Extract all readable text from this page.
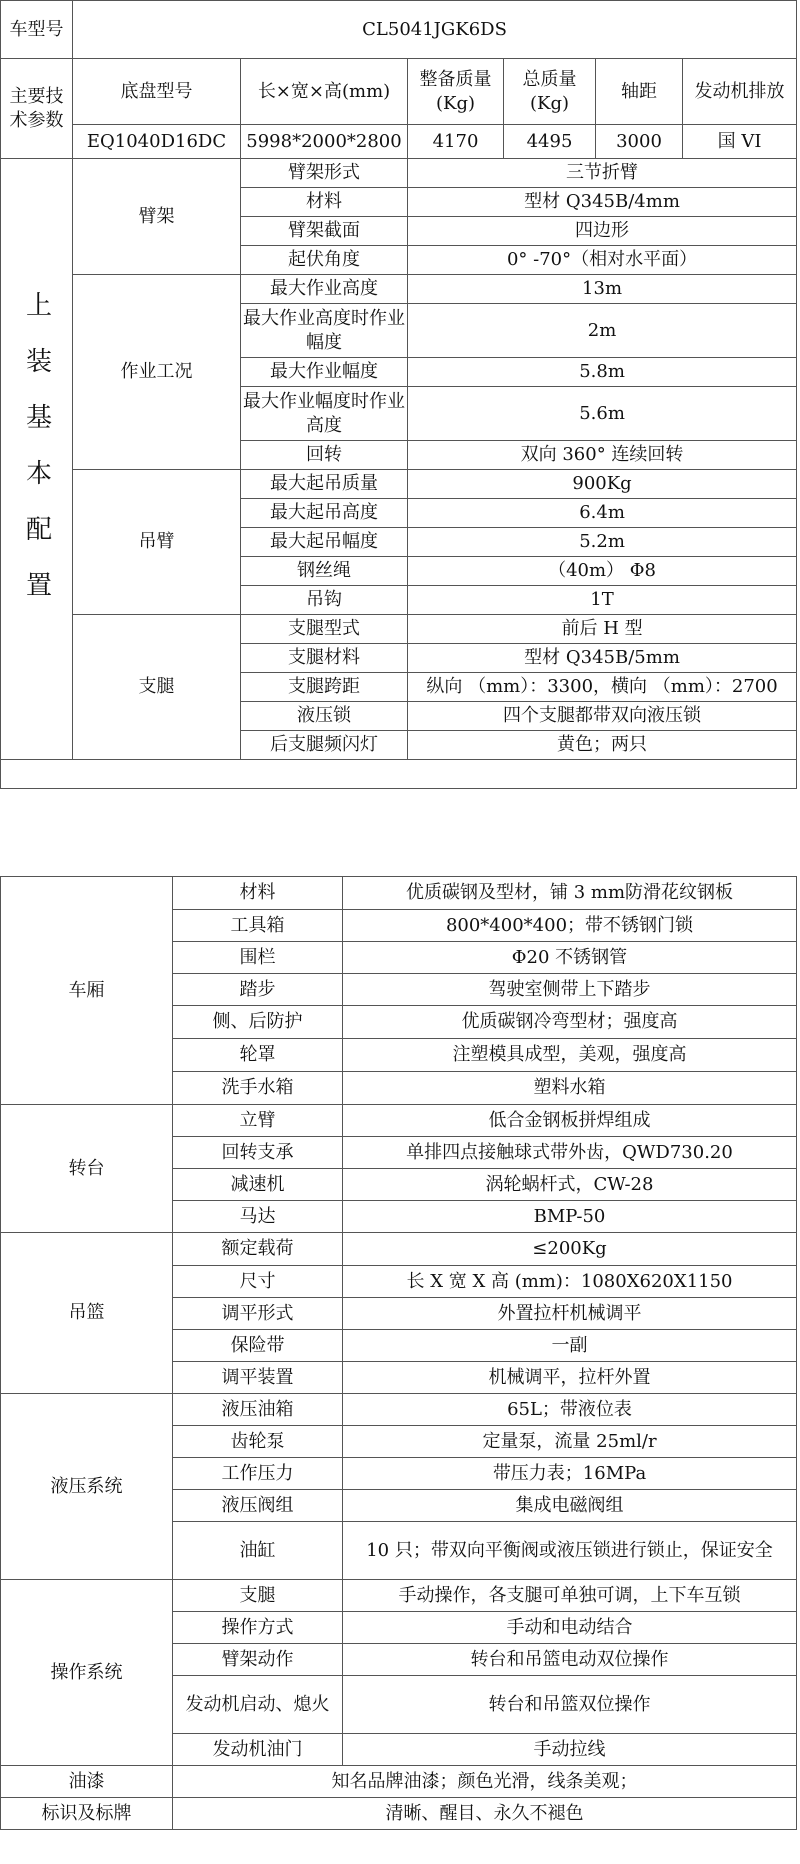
车型号	CL5041JGK6DS					
主要技术参数	底盘型号	长×宽×高(mm)	整备质量 (Kg)	总质量 (Kg)	轴距	发动机排放
	EQ1040D16DC	5998*2000*2800	4170	4495	3000	国 VI
上装基本配置	臂架	臂架形式	三节折臂			
		材料	型材 Q345B/4mm			
		臂架截面	四边形			
		起伏角度	0° -70°（相对水平面）			
	作业工况	最大作业高度	13m			
		最大作业高度时作业幅度	2m			
		最大作业幅度	5.8m			
		最大作业幅度时作业高度	5.6m			
		回转	双向 360° 连续回转			
	吊臂	最大起吊质量	900Kg			
		最大起吊高度	6.4m			
		最大起吊幅度	5.2m			
		钢丝绳	（40m） Φ8			
		吊钩	1T			
	支腿	支腿型式	前后 H 型			
		支腿材料	型材 Q345B/5mm			
		支腿跨距	纵向 （mm）：3300，横向 （mm）：2700			
		液压锁	四个支腿都带双向液压锁			
		后支腿频闪灯	黄色；两只			

车厢	材料	优质碳钢及型材，铺 3 mm防滑花纹钢板
	工具箱	800*400*400；带不锈钢门锁
	围栏	Φ20 不锈钢管
	踏步	驾驶室侧带上下踏步
	侧、后防护	优质碳钢冷弯型材；强度高
	轮罩	注塑模具成型，美观，强度高
	洗手水箱	塑料水箱
转台	立臂	低合金钢板拼焊组成
	回转支承	单排四点接触球式带外齿，QWD730.20
	减速机	涡轮蜗杆式，CW-28
	马达	BMP-50
吊篮	额定载荷	≤200Kg
	尺寸	长 X 宽 X 高 (mm)：1080X620X1150
	调平形式	外置拉杆机械调平
	保险带	一副
	调平装置	机械调平，拉杆外置
液压系统	液压油箱	65L；带液位表
	齿轮泵	定量泵，流量 25ml/r
	工作压力	带压力表；16MPa
	液压阀组	集成电磁阀组
	油缸	10 只；带双向平衡阀或液压锁进行锁止，保证安全
操作系统	支腿	手动操作，各支腿可单独可调，上下车互锁
	操作方式	手动和电动结合
	臂架动作	转台和吊篮电动双位操作
	发动机启动、熄火	转台和吊篮双位操作
	发动机油门	手动拉线
油漆	知名品牌油漆；颜色光滑，线条美观；	
标识及标牌	清晰、醒目、永久不褪色	
